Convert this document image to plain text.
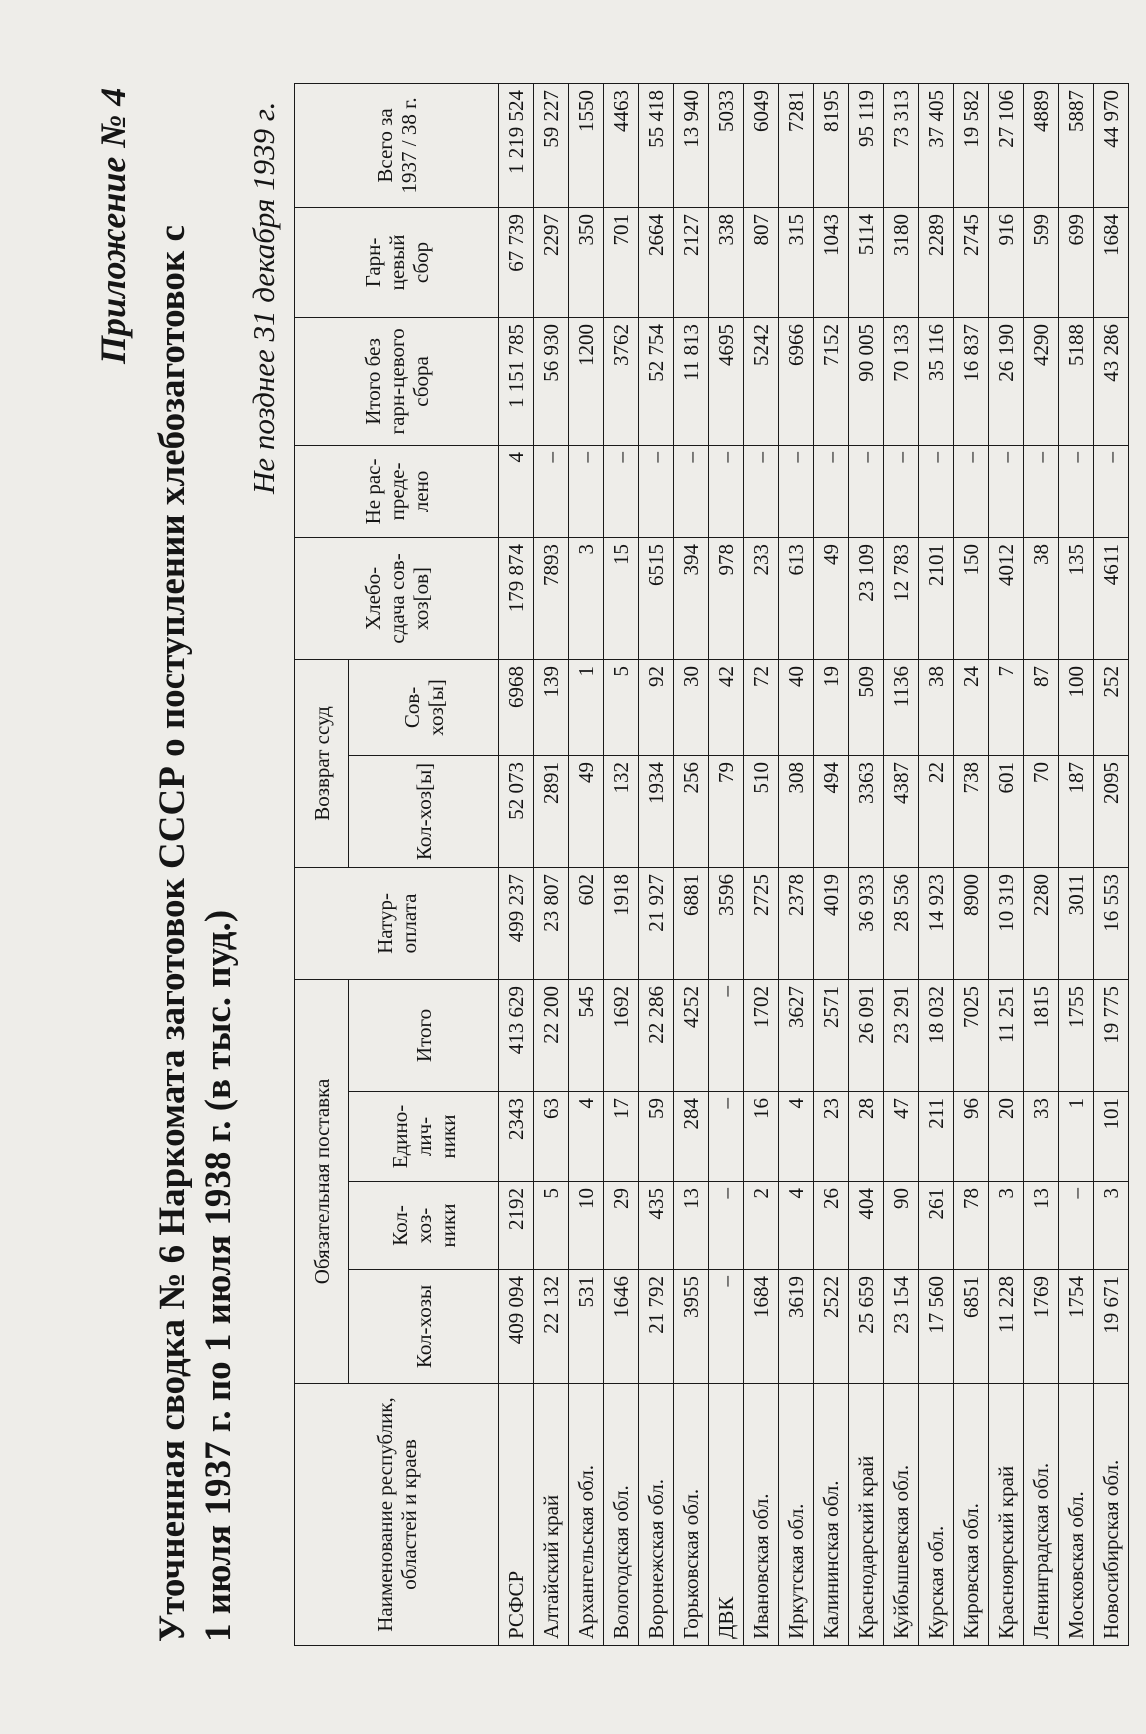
Приложение № 4 Уточненная сводка № 6 Наркомата заготовок СССР о поступлении хлебозаготовок с 1 июля 1937 г. по 1 июля 1938 г. (в тыс. пуд.)
Не позднее 31 декабря 1939 г.
Наименование республик, областей и краев	Обязательная поставка				Натур-оплата	Возврат ссуд		Хлебо-сдача сов-хоз[ов]	Не рас-преде-лено	Итого без гарн-цевого сбора	Гарн-цевый сбор	Всего за 1937 / 38 г.
	Кол-хозы	Кол-хоз-ники	Едино-лич-ники	Итого		Кол-хоз[ы]	Сов-хоз[ы]					
РСФСР	409 094	2192	2343	413 629	499 237	52 073	6968	179 874	4	1 151 785	67 739	1 219 524
Алтайский край	22 132	5	63	22 200	23 807	2891	139	7893	–	56 930	2297	59 227
Архангельская обл.	531	10	4	545	602	49	1	3	–	1200	350	1550
Вологодская обл.	1646	29	17	1692	1918	132	5	15	–	3762	701	4463
Воронежская обл.	21 792	435	59	22 286	21 927	1934	92	6515	–	52 754	2664	55 418
Горьковская обл.	3955	13	284	4252	6881	256	30	394	–	11 813	2127	13 940
ДВК	–	–	–	–	3596	79	42	978	–	4695	338	5033
Ивановская обл.	1684	2	16	1702	2725	510	72	233	–	5242	807	6049
Иркутская обл.	3619	4	4	3627	2378	308	40	613	–	6966	315	7281
Калининская обл.	2522	26	23	2571	4019	494	19	49	–	7152	1043	8195
Краснодарский край	25 659	404	28	26 091	36 933	3363	509	23 109	–	90 005	5114	95 119
Куйбышевская обл.	23 154	90	47	23 291	28 536	4387	1136	12 783	–	70 133	3180	73 313
Курская обл.	17 560	261	211	18 032	14 923	22	38	2101	–	35 116	2289	37 405
Кировская обл.	6851	78	96	7025	8900	738	24	150	–	16 837	2745	19 582
Красноярский край	11 228	3	20	11 251	10 319	601	7	4012	–	26 190	916	27 106
Ленинградская обл.	1769	13	33	1815	2280	70	87	38	–	4290	599	4889
Московская обл.	1754	–	1	1755	3011	187	100	135	–	5188	699	5887
Новосибирская обл.	19 671	3	101	19 775	16 553	2095	252	4611	–	43 286	1684	44 970
